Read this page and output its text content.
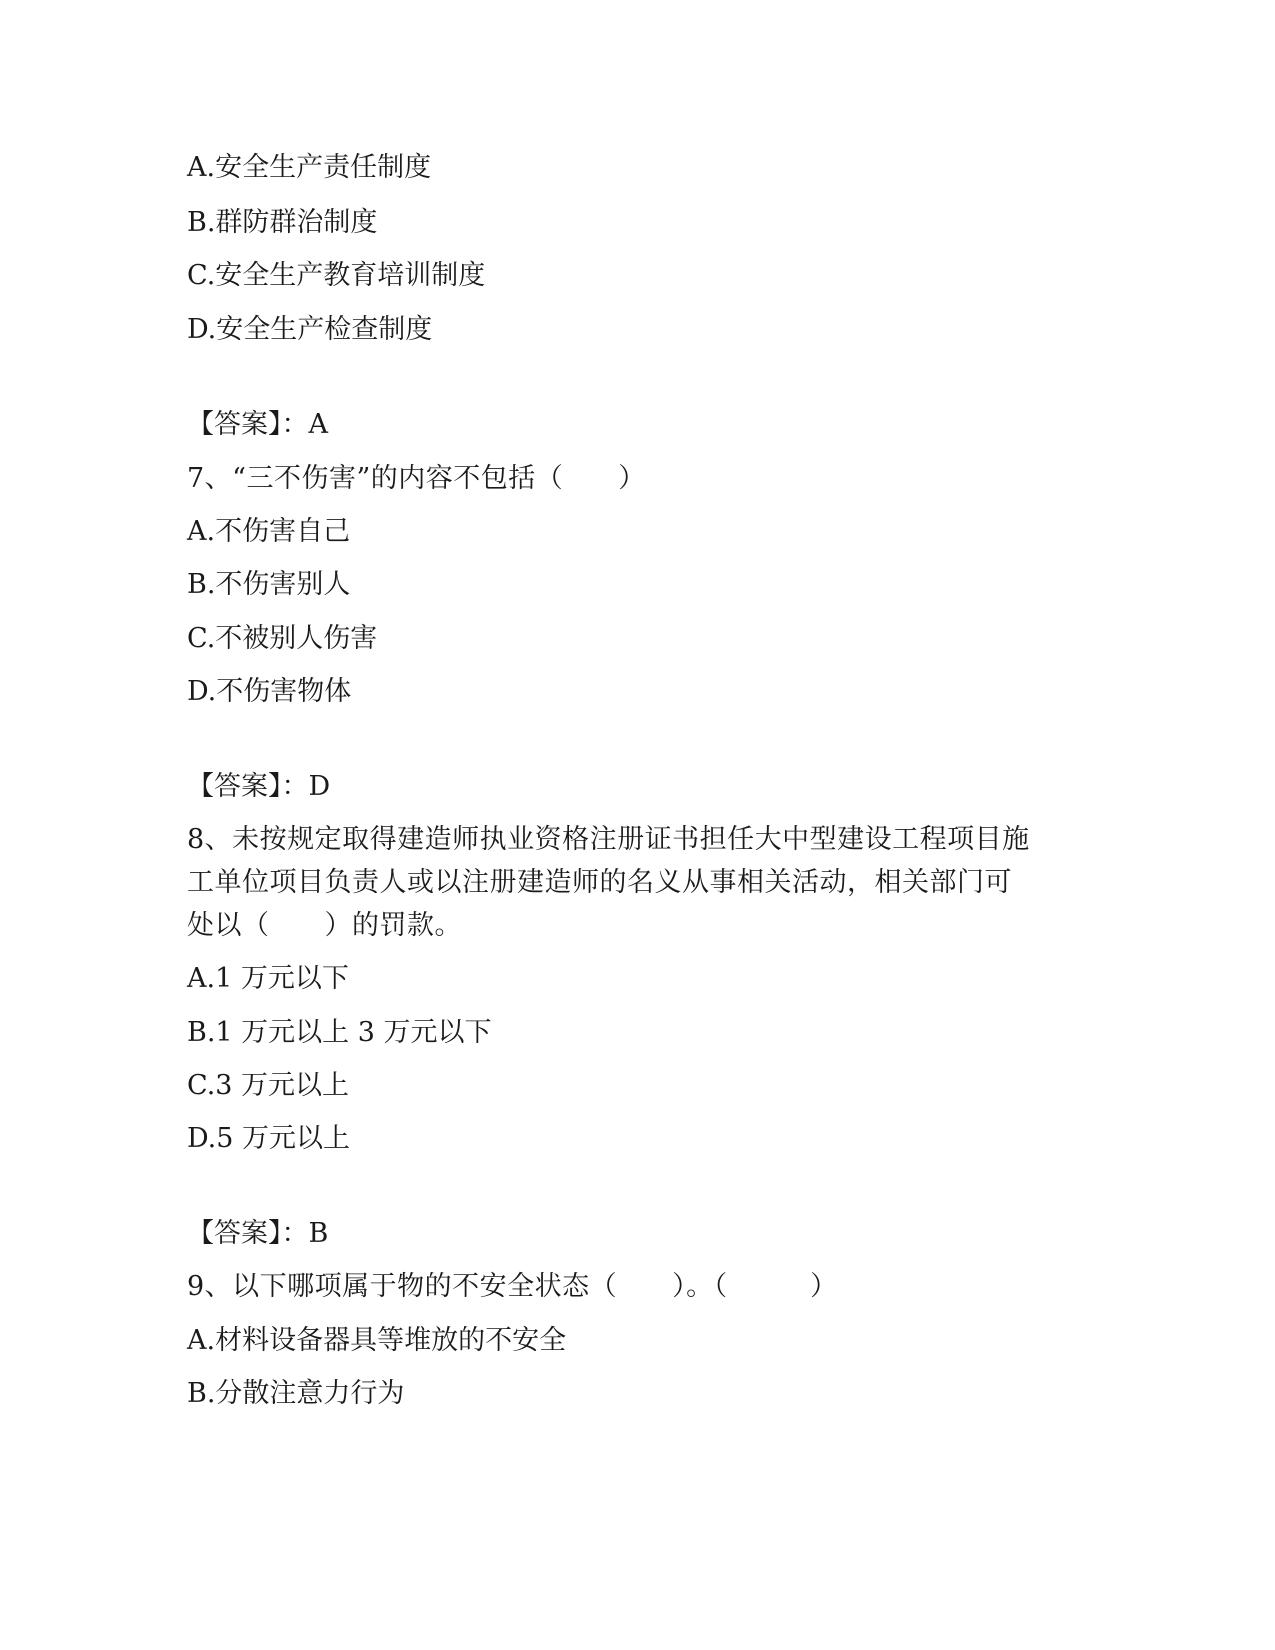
A.安全生产责任制度
B.群防群治制度
C.安全生产教育培训制度
D.安全生产检查制度
【答案】：A
7、“三不伤害”的内容不包括（　　）
A.不伤害自己
B.不伤害别人
C.不被别人伤害
D.不伤害物体
【答案】：D
8、未按规定取得建造师执业资格注册证书担任大中型建设工程项目施
工单位项目负责人或以注册建造师的名义从事相关活动，相关部门可
处以（　　）的罚款。
A.1 万元以下
B.1 万元以上 3 万元以下
C.3 万元以上
D.5 万元以上
【答案】：B
9、以下哪项属于物的不安全状态（　　）。（　　　）
A.材料设备器具等堆放的不安全
B.分散注意力行为
